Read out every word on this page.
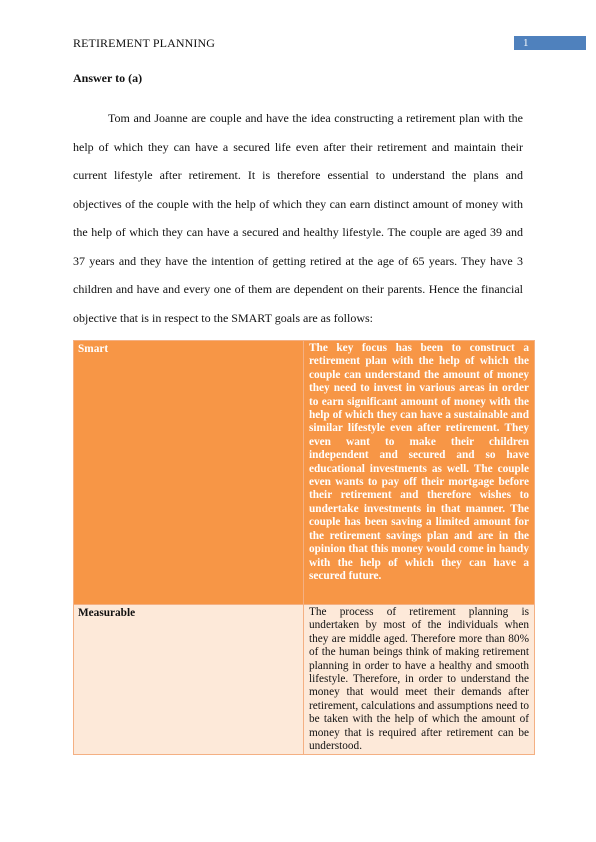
RETIREMENT PLANNING	1
Answer to (a)

Tom and Joanne are couple and have the idea constructing a retirement plan with the help of which they can have a secured life even after their retirement and maintain their current lifestyle after retirement. It is therefore essential to understand the plans and objectives of the couple with the help of which they can earn distinct amount of money with the help of which they can have a secured and healthy lifestyle. The couple are aged 39 and 37 years and they have the intention of getting retired at the age of 65 years. They have 3 children and have and every one of them are dependent on their parents. Hence the financial objective that is in respect to the SMART goals are as follows:

Smart	The key focus has been to construct a retirement plan with the help of which the couple can understand the amount of money they need to invest in various areas in order to earn significant amount of money with the help of which they can have a sustainable and similar lifestyle even after retirement. They even want to make their children independent and secured and so have educational investments as well. The couple even wants to pay off their mortgage before their retirement and therefore wishes to undertake investments in that manner. The couple has been saving a limited amount for the retirement savings plan and are in the opinion that this money would come in handy with the help of which they can have a secured future.
Measurable	The process of retirement planning is undertaken by most of the individuals when they are middle aged. Therefore more than 80% of the human beings think of making retirement planning in order to have a healthy and smooth lifestyle. Therefore, in order to understand the money that would meet their demands after retirement, calculations and assumptions need to be taken with the help of which the amount of money that is required after retirement can be understood.
